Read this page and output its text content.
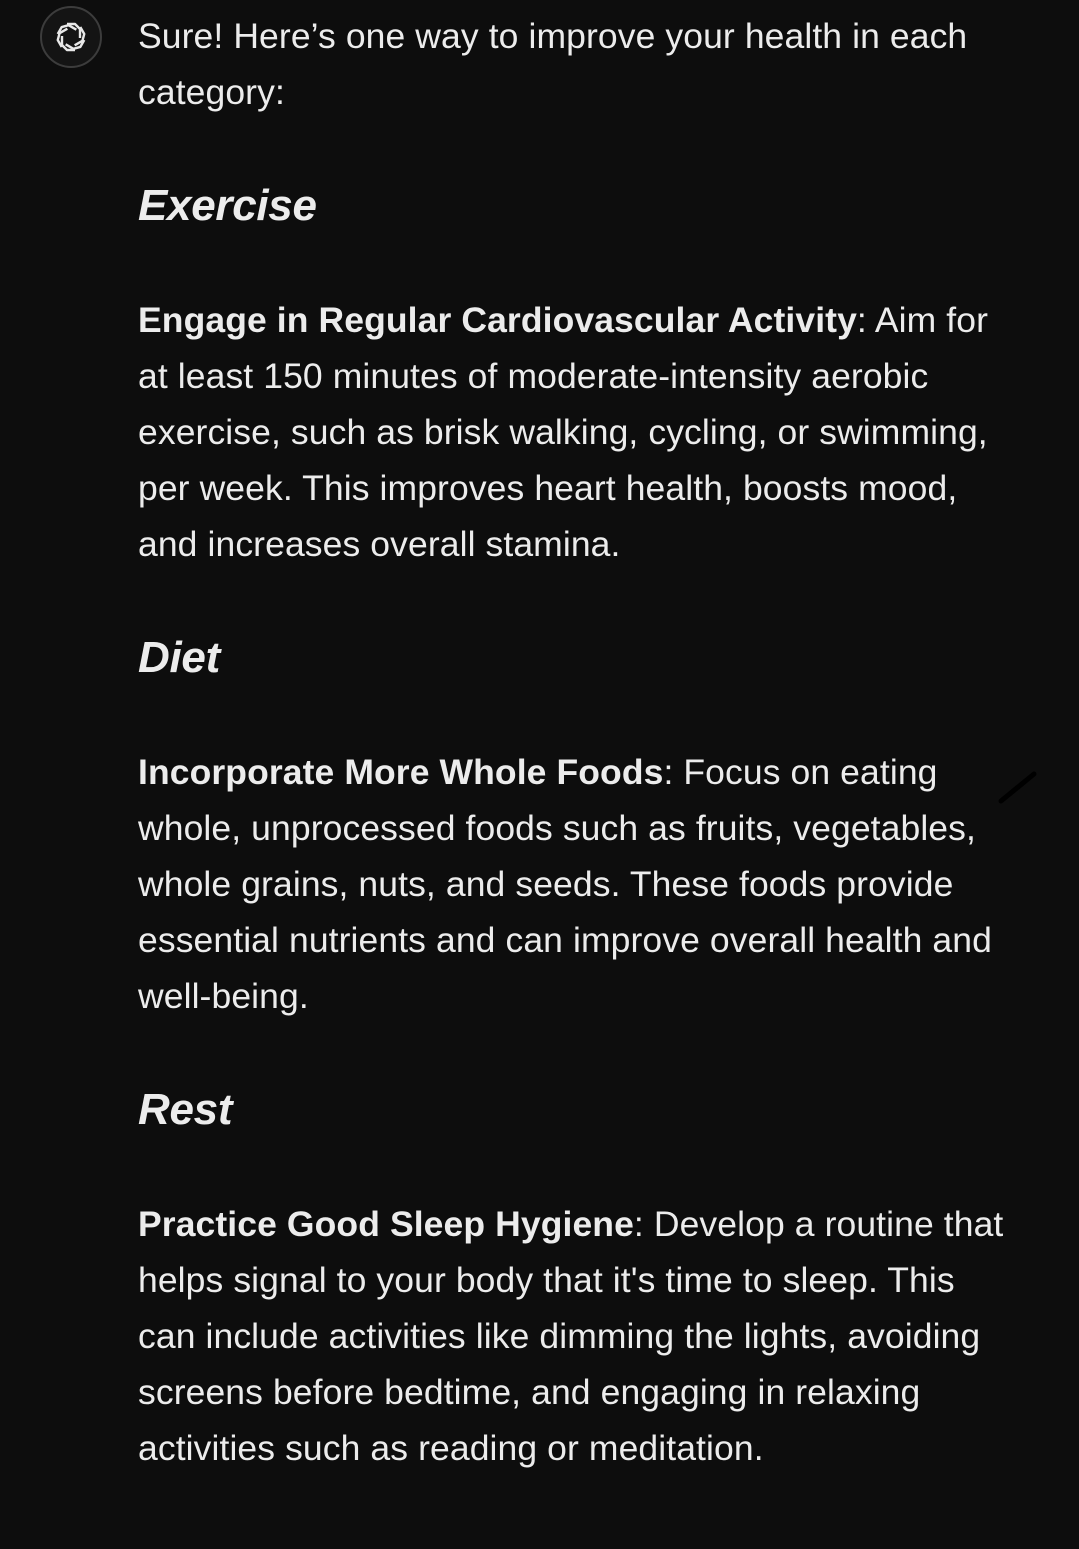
Sure! Here’s one way to improve your health in each category:

Exercise

Engage in Regular Cardiovascular Activity: Aim for at least 150 minutes of moderate-intensity aerobic exercise, such as brisk walking, cycling, or swimming, per week. This improves heart health, boosts mood, and increases overall stamina.

Diet

Incorporate More Whole Foods: Focus on eating whole, unprocessed foods such as fruits, vegetables, whole grains, nuts, and seeds. These foods provide essential nutrients and can improve overall health and well-being.

Rest

Practice Good Sleep Hygiene: Develop a routine that helps signal to your body that it's time to sleep. This can include activities like dimming the lights, avoiding screens before bedtime, and engaging in relaxing activities such as reading or meditation.
